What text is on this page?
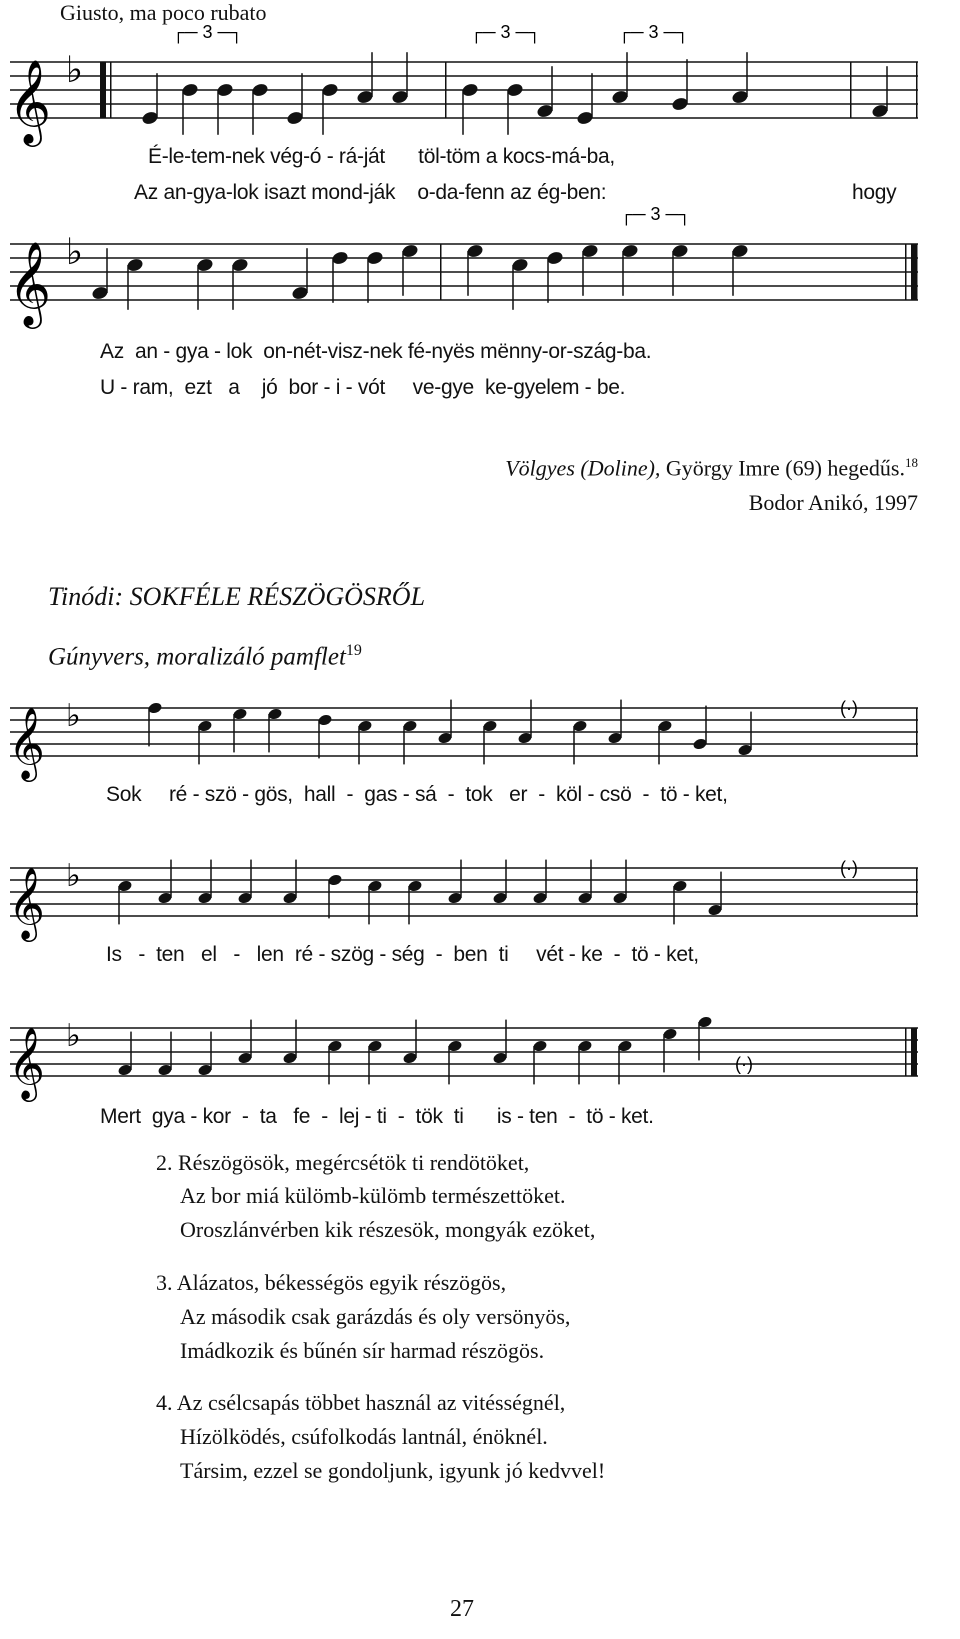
Giusto, ma poco rubato
𝄞 ♭
┌─ 3 ─┐	┌─ 3 ─┐	┌─ 3 ─┐
𝄞 ♭
┌─ 3 ─┐
𝄞 ♭	(·)
𝄞 ♭	(·)
𝄞 ♭
(·)
É-le-tem-nek vég-ó - rá-ját      töl-töm a kocs-má-ba,
Az an-gya-lok isazt mond-ják    o-da-fenn az ég-ben:	hogy
Az  an - gya - lok  on-nét-visz-nek fé-nyës mënny-or-szág-ba.
U - ram,  ezt   a    jó  bor - i - vót     ve-gye  ke-gyelem - be.
Völgyes (Doline), György Imre (69) hegedűs.$^{18}$
Bodor Anikó, 1997
Tinódi: SOKFÉLE RÉSZÖGÖSRŐL
Gúnyvers, moralizáló pamflet$^{19}$
Sok     ré - szö - gös,  hall  -  gas - sá  -  tok   er  -  köl - csö  -  tö - ket,
Is   -  ten   el   -   len  ré - szög - ség  -  ben  ti     vét - ke  -  tö - ket,
Mert  gya - kor  -  ta   fe  -  lej - ti  -  tök  ti      is - ten  -  tö - ket.
2. Részögösök, megércsétök ti rendötöket,
Az bor miá külömb-külömb természettöket.
Oroszlánvérben kik részesök, mongyák ezöket,
3. Alázatos, békességös egyik részögös,
Az második csak garázdás és oly versönyös,
Imádkozik és bűnén sír harmad részögös.
4. Az csélcsapás többet használ az vitésségnél,
Hízölködés, csúfolkodás lantnál, énöknél.
Társim, ezzel se gondoljunk, igyunk jó kedvvel!
27
